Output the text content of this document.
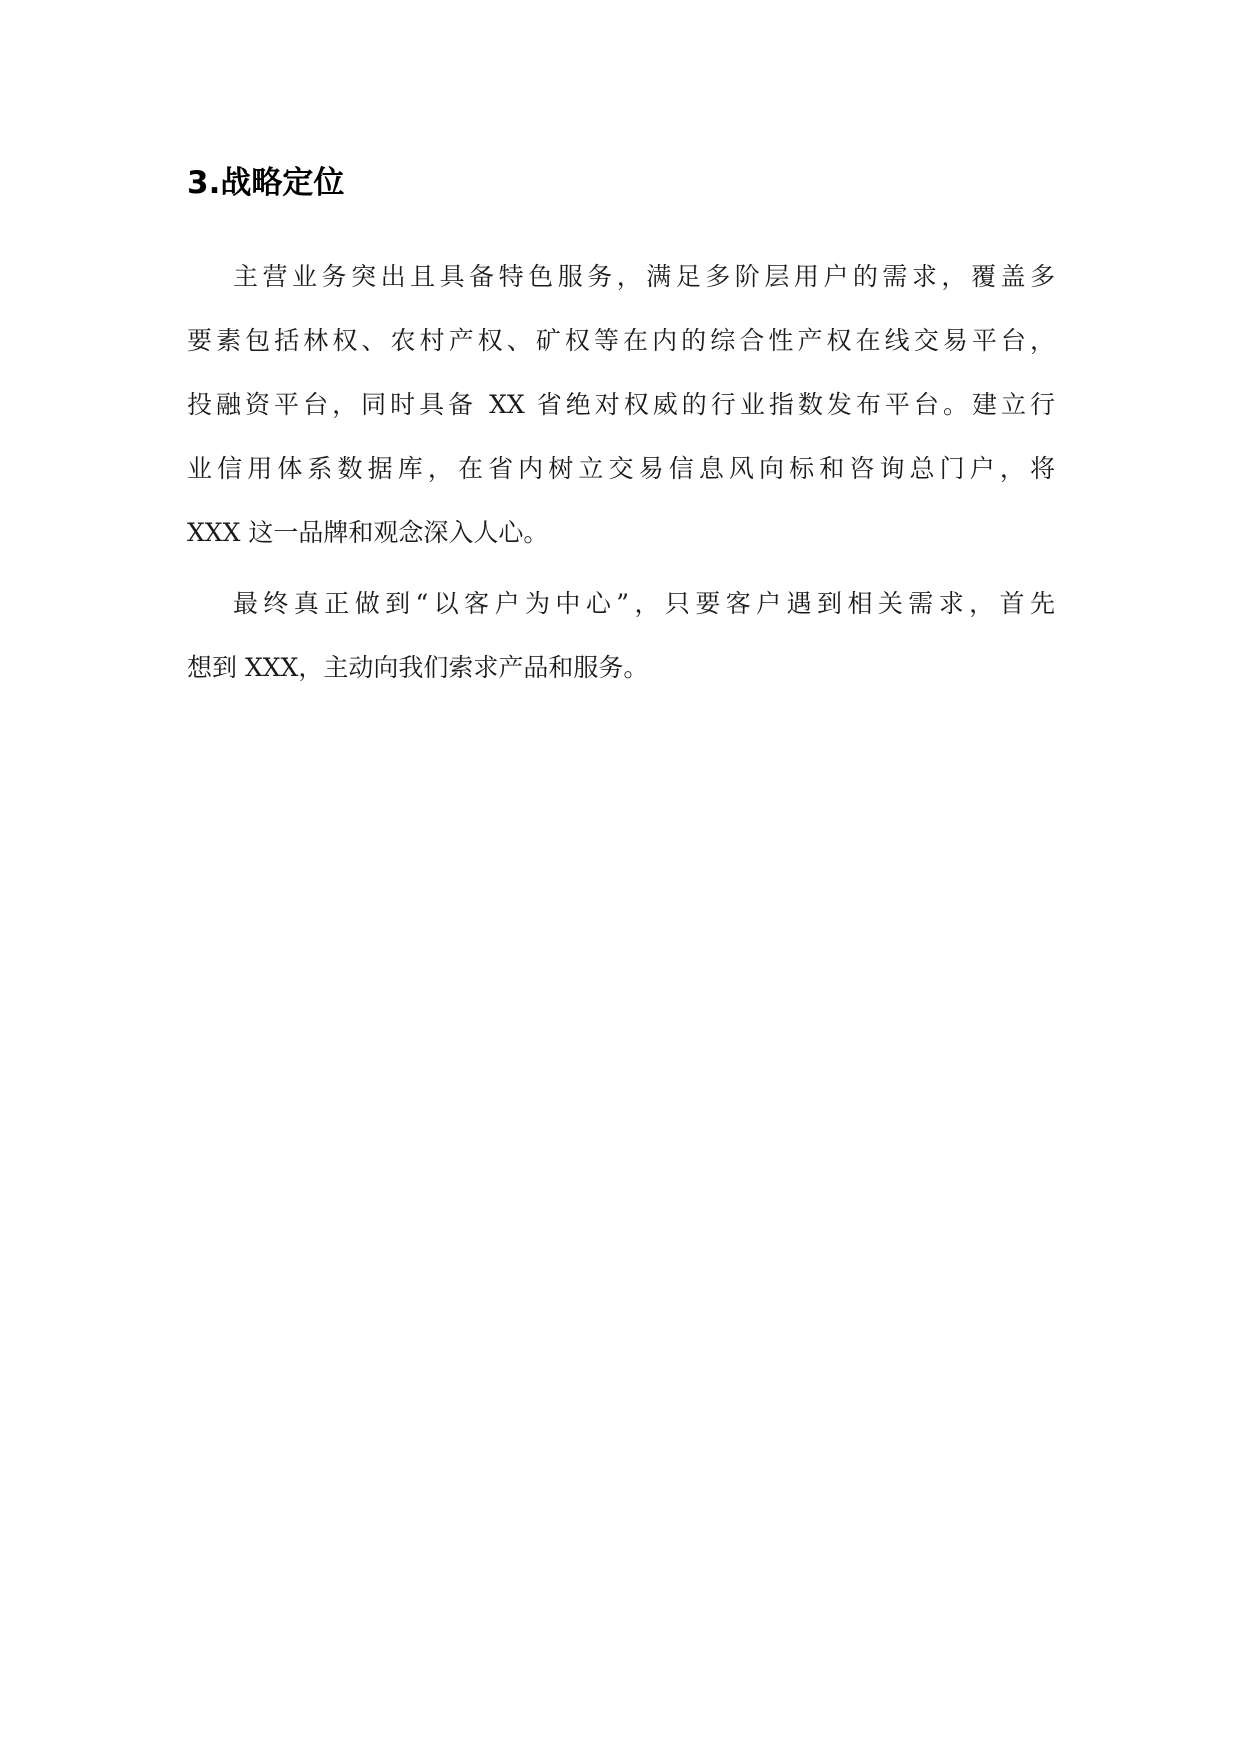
3.战略定位
主营业务突出且具备特色服务，满足多阶层用户的需求，覆盖多
要素包括林权、农村产权、矿权等在内的综合性产权在线交易平台，
投融资平台，同时具备 XX 省绝对权威的行业指数发布平台。建立行
业信用体系数据库，在省内树立交易信息风向标和咨询总门户，将
XXX 这一品牌和观念深入人心。
最终真正做到“以客户为中心”，只要客户遇到相关需求，首先
想到 XXX，主动向我们索求产品和服务。
